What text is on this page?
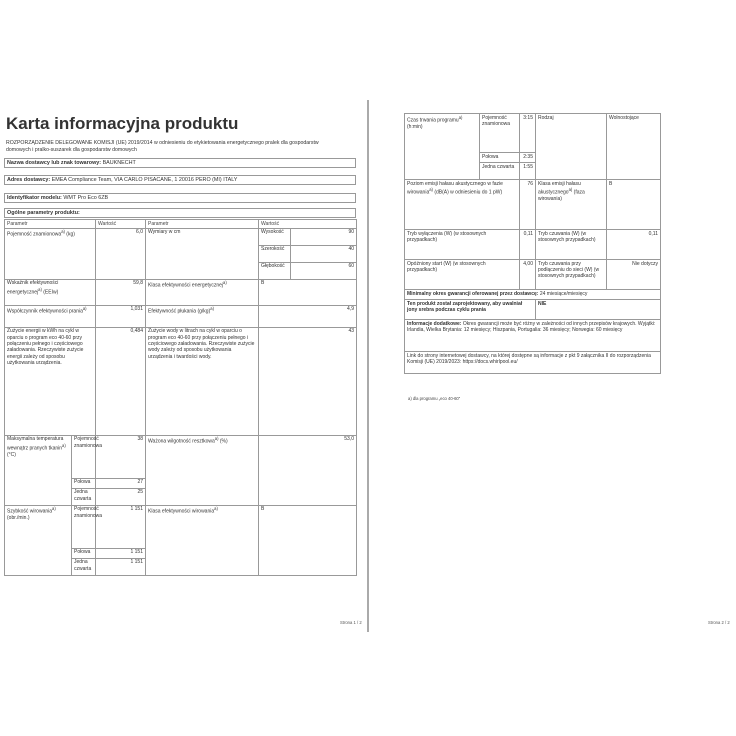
Karta informacyjna produktu
ROZPORZĄDZENIE DELEGOWANE KOMISJI (UE) 2019/2014 w odniesieniu do etykietowania energetycznego pralek dla gospodarstw domowych i pralko-suszarek dla gospodarstw domowych
Nazwa dostawcy lub znak towarowy: BAUKNECHT
Adres dostawcy: EMEA Compliance Team, VIA CARLO PISACANE, 1 20016 PERO (MI) ITALY
Identyfikator modelu: WMT Pro Eco 6ZB
Ogólne parametry produktu:
Parametr		Wartość	Parametr	Wartość	
Pojemność znamionowa$^{a)}$ (kg)		6,0	Wymiary w cm	Wysokość	90
				Szerokość	40
				Głębokość	60
Wskaźnik efektywności energetycznej$^{a)}$ (EEIw)		59,8	Klasa efektywności energetycznej$^{a)}$	B	
Współczynnik efektywności prania$^{a)}$		1,031	Efektywność płukania $(g/kg)^{a)}$	4,9	
Zużycie energii w kWh na cykl w oparciu o program eco 40-60 przy połączeniu pełnego i częściowego załadowania. Rzeczywiste zużycie energii zależy od sposobu użytkowania urządzenia.		0,484	Zużycie wody w litrach na cykl w oparciu o program eco 40-60 przy połączeniu pełnego i częściowego załadowania. Rzeczywiste zużycie wody zależy od sposobu użytkowania urządzenia i twardości wody.	43	
Maksymalna temperatura wewnątrz pranych tkanin$^{a)}$ (°C)	Pojemność znamionowa	38	Ważona wilgotność resztkowa$^{a)}$ (%)	53,0	
	Połowa	27			
	Jedna czwarta	25			
Szybkość wirowania$^{a)}$ (obr./min.)	Pojemność znamionowa	1 151	Klasa efektywności wirowania$^{a)}$	B	
	Połowa	1 151			
	Jedna czwarta	1 151			
Strona 1 / 2
Czas trwania programu$^{a)}$ (h:min)	Pojemność znamionowa	3:15	Rodzaj	Wolnostojące
	Połowa	2:35		
	Jedna czwarta	1:55		
Poziom emisji hałasu akustycznego w fazie wirowania$^{a)}$ (dB(A) w odniesieniu do 1 pW)		76	Klasa emisji hałasu akustycznego$^{a)}$ (faza wirowania)	B
Tryb wyłączenia (W) (w stosownych przypadkach)		0,11	Tryb czuwania (W) (w stosownych przypadkach)	0,11
Opóźniony start (W) (w stosownych przypadkach)		4,00	Tryb czuwania przy podłączeniu do sieci (W) (w stosownych przypadkach)	Nie dotyczy
Minimalny okres gwarancji oferowanej przez dostawcę: 24 miesiące/miesięcy				
Ten produkt został zaprojektowany, aby uwalniał jony srebra podczas cyklu prania			NIE	
Informacje dodatkowe: Okres gwarancji może być różny w zależności od innych przepisów krajowych. Wyjątki: Irlandia, Wielka Brytania: 12 miesięcy; Hiszpania, Portugalia: 36 miesięcy; Norwegia: 60 miesięcy				
Link do strony internetowej dostawcy, na której dostępne są informacje z pkt 9 załącznika II do rozporządzenia Komisji (UE) 2019/2023: https://docs.whirlpool.eu/				
a) dla programu „eco 40-60”
Strona 2 / 2
